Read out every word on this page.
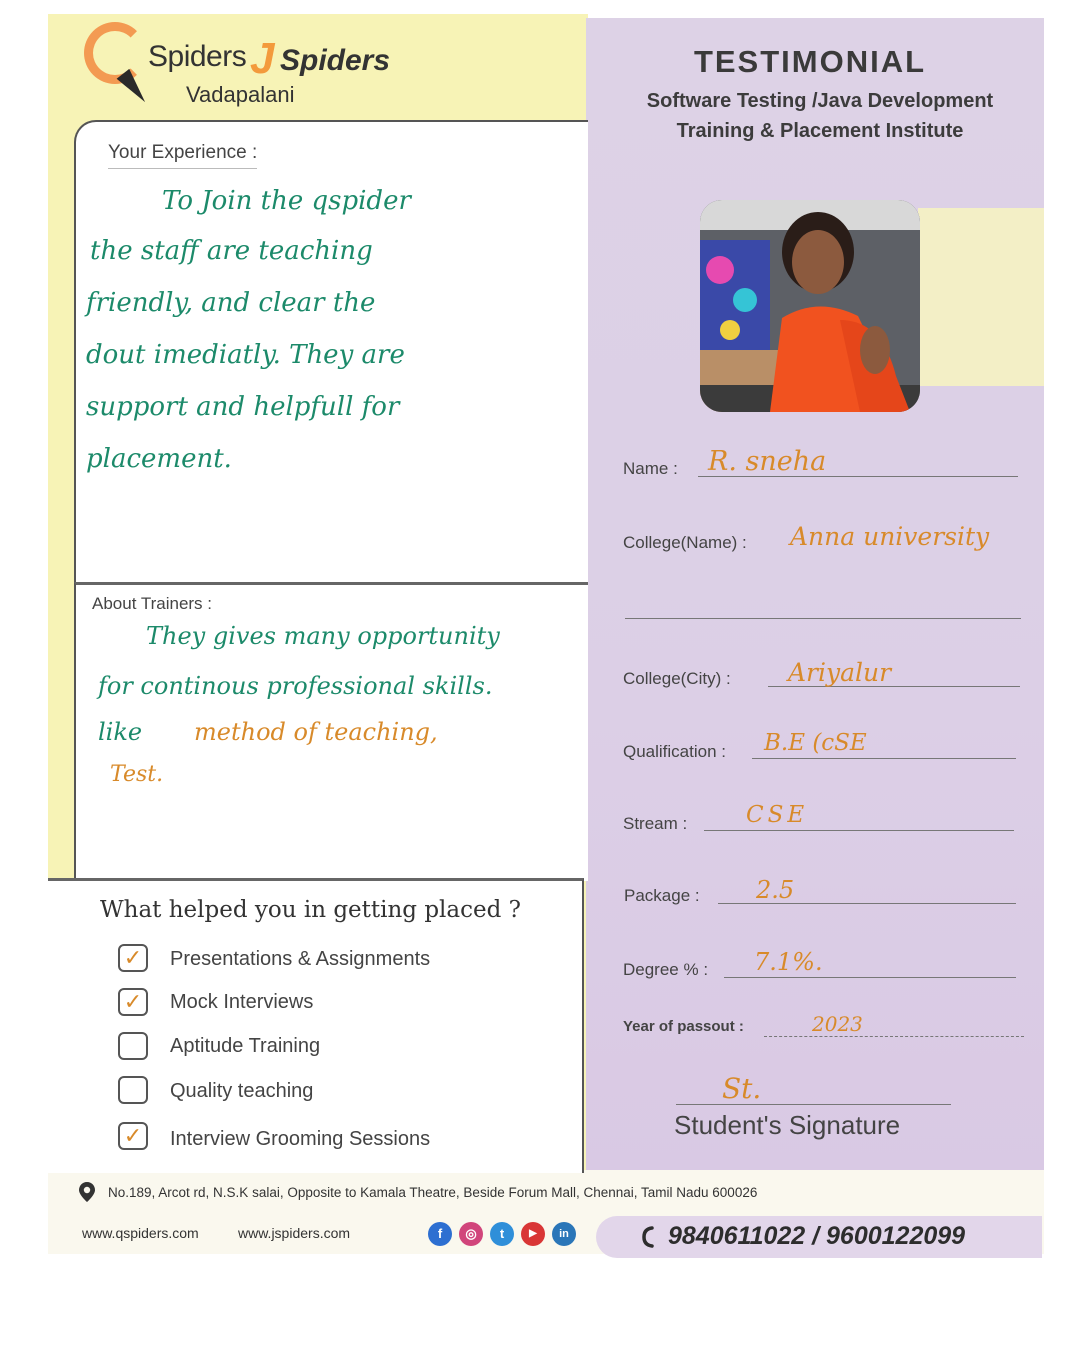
Spiders J Spiders
Vadapalani
TESTIMONIAL
Software Testing /Java Development
Training & Placement Institute
Your Experience :
To Join the qspider
the staff are teaching
friendly, and clear the
dout imediatly. They are
support and helpfull for
placement.
About Trainers :
They gives many opportunity
for continous professional skills.
like method of teaching,
Test.
What helped you in getting placed ?
✓ Presentations & Assignments
✓ Mock Interviews
Aptitude Training
Quality teaching
✓ Interview Grooming Sessions
Name : R. sneha
College(Name) : Anna university
College(City) : Ariyalur
Qualification : B.E (cSE
Stream :	CSE
Package : 2.5
Degree % : 7.1%.
Year of passout :	2023
St.
Student's Signature
No.189, Arcot rd, N.S.K salai, Opposite to Kamala Theatre, Beside Forum Mall, Chennai, Tamil Nadu 600026
www.qspiders.com	www.jspiders.com	f	◎	t	▶	in	9840611022 / 9600122099
